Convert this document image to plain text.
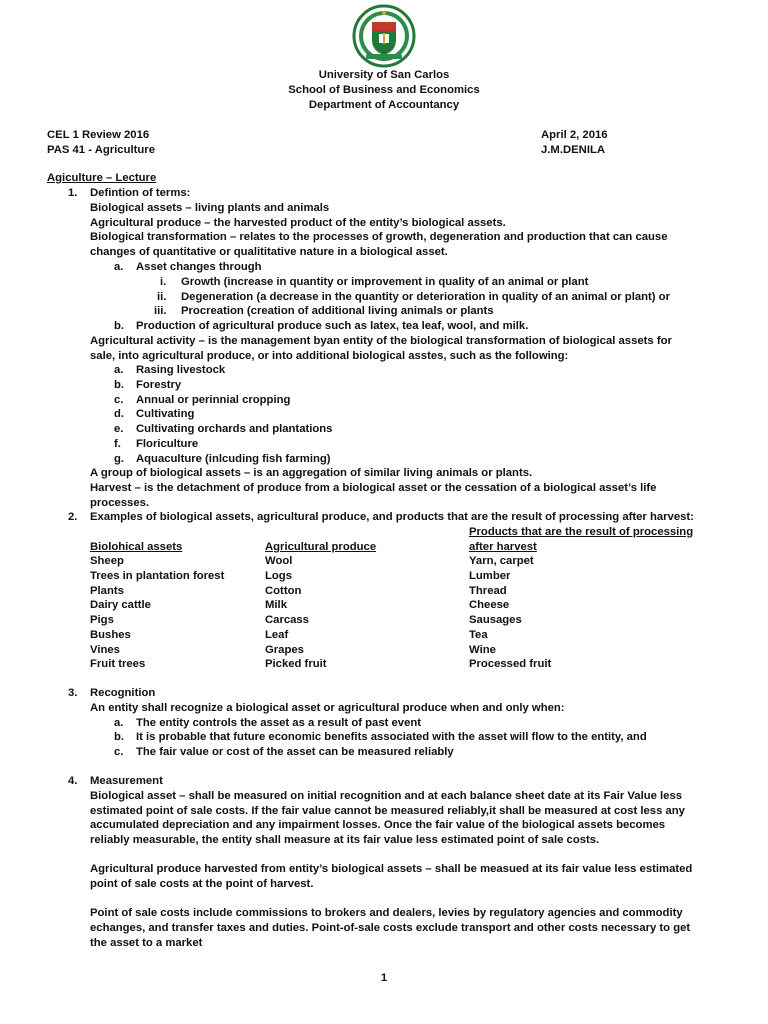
University of San Carlos
School of Business and Economics
Department of Accountancy
CEL 1 Review 2016
PAS 41 - Agriculture
April 2, 2016
J.M.DENILA
Agiculture – Lecture
1. Defintion of terms:
Biological assets – living plants and animals
Agricultural produce – the harvested product of the entity’s biological assets.
Biological transformation – relates to the processes of growth, degeneration and production that can cause
changes of quantitative or qualititative nature in a biological asset.
a. Asset changes through
i. Growth (increase in quantity or improvement in quality of an animal or plant
ii. Degeneration (a decrease in the quantity or deterioration in quality of an animal or plant) or
iii. Procreation (creation of additional living animals or plants
b. Production of agricultural produce such as latex, tea leaf, wool, and milk.
Agricultural activity – is the management byan entity of the biological transformation of biological assets for
sale, into agricultural produce, or into additional biological asstes, such as the following:
a. Rasing livestock
b. Forestry
c. Annual or perinnial cropping
d. Cultivating
e. Cultivating orchards and plantations
f. Floriculture
g. Aquaculture (inlcuding fish farming)
A group of biological assets – is an aggregation of similar living animals or plants.
Harvest – is the detachment of produce from a biological asset or the cessation of a biological asset’s life
processes.
2. Examples of biological assets, agricultural produce, and products that are the result of processing after harvest:
Products that are the result of processing
Biolohical assets	Agricultural produce	after harvest
Sheep	Wool	Yarn, carpet
Trees in plantation forest	Logs	Lumber
Plants	Cotton	Thread
Dairy cattle	Milk	Cheese
Pigs	Carcass	Sausages
Bushes	Leaf	Tea
Vines	Grapes	Wine
Fruit trees	Picked fruit	Processed fruit
3. Recognition
An entity shall recognize a biological asset or agricultural produce when and only when:
a. The entity controls the asset as a result of past event
b. It is probable that future economic benefits associated with the asset will flow to the entity, and
c. The fair value or cost of the asset can be measured reliably
4. Measurement
Biological asset – shall be measured on initial recognition and at each balance sheet date at its Fair Value less
estimated point of sale costs. If the fair value cannot be measured reliably,it shall be measured at cost less any
accumulated depreciation and any impairment losses. Once the fair value of the biological assets becomes
reliably measurable, the entity shall measure at its fair value less estimated point of sale costs.
Agricultural produce harvested from entity’s biological assets – shall be measued at its fair value less estimated
point of sale costs at the point of harvest.
Point of sale costs include commissions to brokers and dealers, levies by regulatory agencies and commodity
echanges, and transfer taxes and duties. Point-of-sale costs exclude transport and other costs necessary to get
the asset to a market
1
